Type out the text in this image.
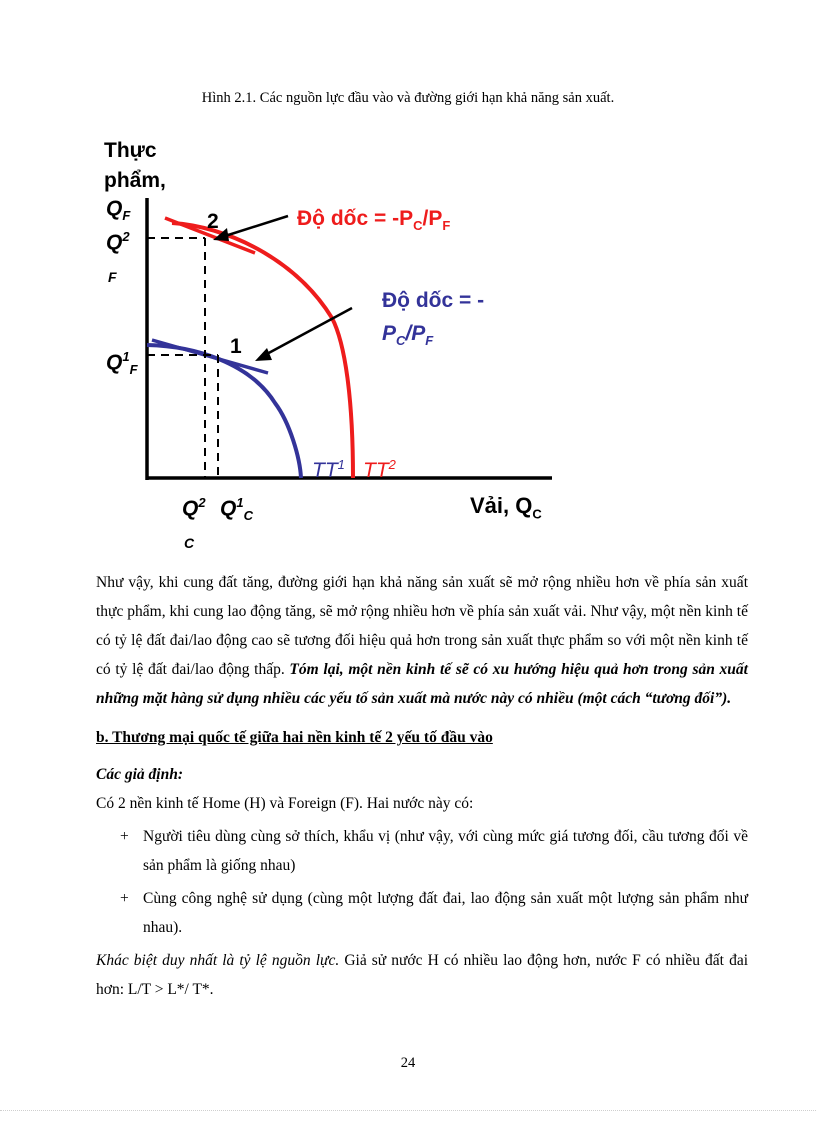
Hình 2.1. Các nguồn lực đầu vào và đường giới hạn khả năng sản xuất.
Thực
phẩm,
$Q_F$
$Q^2$
F
$Q^1_F$
2
1
Độ dốc = $-P_C/P_F$
Độ dốc = -
$P_C/P_F$
$TT^1$ $TT^2$
$Q^2$
C
$Q^1_C$	Vải, $Q_C$
Như vậy, khi cung đất tăng, đường giới hạn khả năng sản xuất sẽ mở rộng nhiều hơn về phía sản xuất thực phẩm, khi cung lao động tăng, sẽ mở rộng nhiều hơn về phía sản xuất vải. Như vậy, một nền kinh tế có tỷ lệ đất đai/lao động cao sẽ tương đối hiệu quả hơn trong sản xuất thực phẩm so với một nền kinh tế có tỷ lệ đất đai/lao động thấp. Tóm lại, một nền kinh tế sẽ có xu hướng hiệu quả hơn trong sản xuất những mặt hàng sử dụng nhiều các yếu tố sản xuất mà nước này có nhiều (một cách “tương đối”).
b. Thương mại quốc tế giữa hai nền kinh tế 2 yếu tố đầu vào
Các giả định:
Có 2 nền kinh tế Home (H) và Foreign (F). Hai nước này có:
+ Người tiêu dùng cùng sở thích, khẩu vị (như vậy, với cùng mức giá tương đối, cầu tương đối về sản phẩm là giống nhau)
+ Cùng công nghệ sử dụng (cùng một lượng đất đai, lao động sản xuất một lượng sản phẩm như nhau).
Khác biệt duy nhất là tỷ lệ nguồn lực. Giả sử nước H có nhiều lao động hơn, nước F có nhiều đất đai hơn: L/T > L*/ T*.
24
